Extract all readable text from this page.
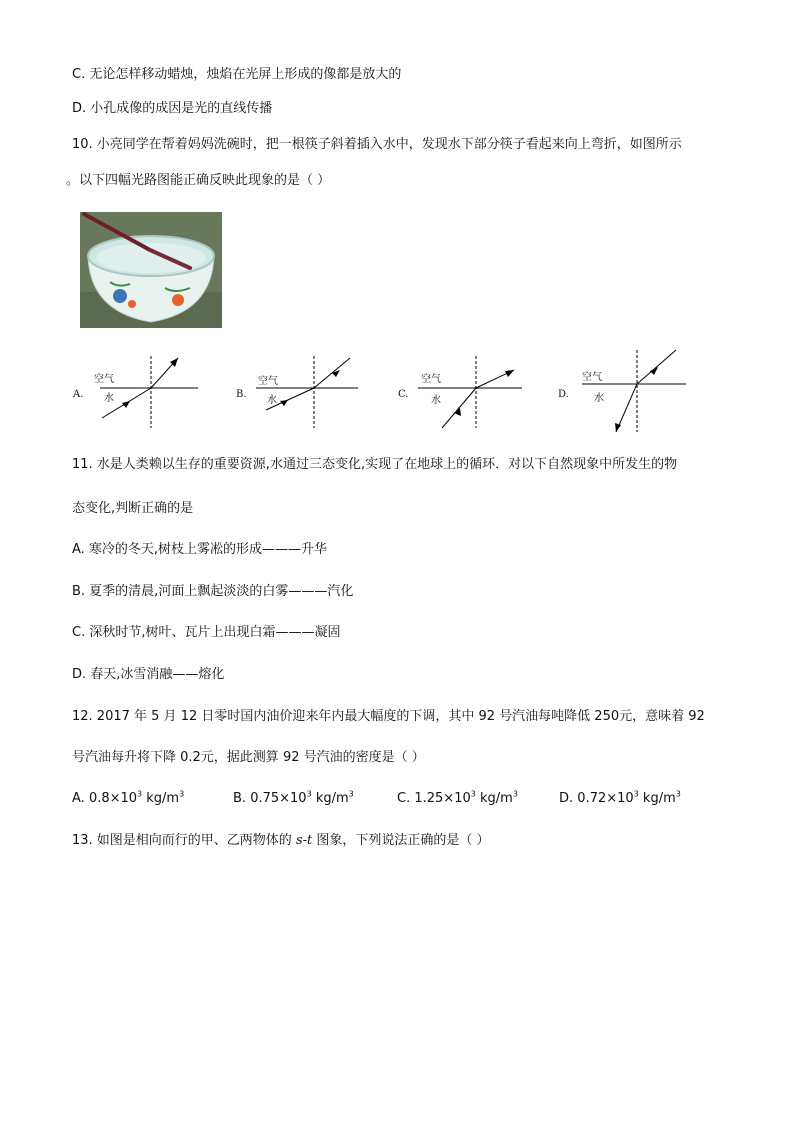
C. 无论怎样移动蜡烛，烛焰在光屏上形成的像都是放大的
D. 小孔成像的成因是光的直线传播
10. 小亮同学在帮着妈妈洗碗时，把一根筷子斜着插入水中，发现水下部分筷子看起来向上弯折，如图所示
。以下四幅光路图能正确反映此现象的是（ ）
A.
空气
水	B.
空气
水
C.
空气
水
D.
空气
水
11. 水是人类赖以生存的重要资源,水通过三态变化,实现了在地球上的循环．对以下自然现象中所发生的物
态变化,判断正确的是
A. 寒冷的冬天,树枝上雾凇的形成———升华
B. 夏季的清晨,河面上飘起淡淡的白雾———汽化
C. 深秋时节,树叶、瓦片上出现白霜———凝固
D. 春天,冰雪消融——熔化
12. 2017 年 5 月 12 日零时国内油价迎来年内最大幅度的下调，其中 92 号汽油每吨降低 250元，意味着 92
号汽油每升将下降 0.2元，据此测算 92 号汽油的密度是（ ）
A. $0.8\times 10^3$ $kg/m^3$	B. $0.75\times 10^3$ $kg/m^3$	C. $1.25\times 10^3$ $kg/m^3$	D. $0.72\times 10^3$ $kg/m^3$
13. 如图是相向而行的甲、乙两物体的 s-t 图象，下列说法正确的是（ ）
